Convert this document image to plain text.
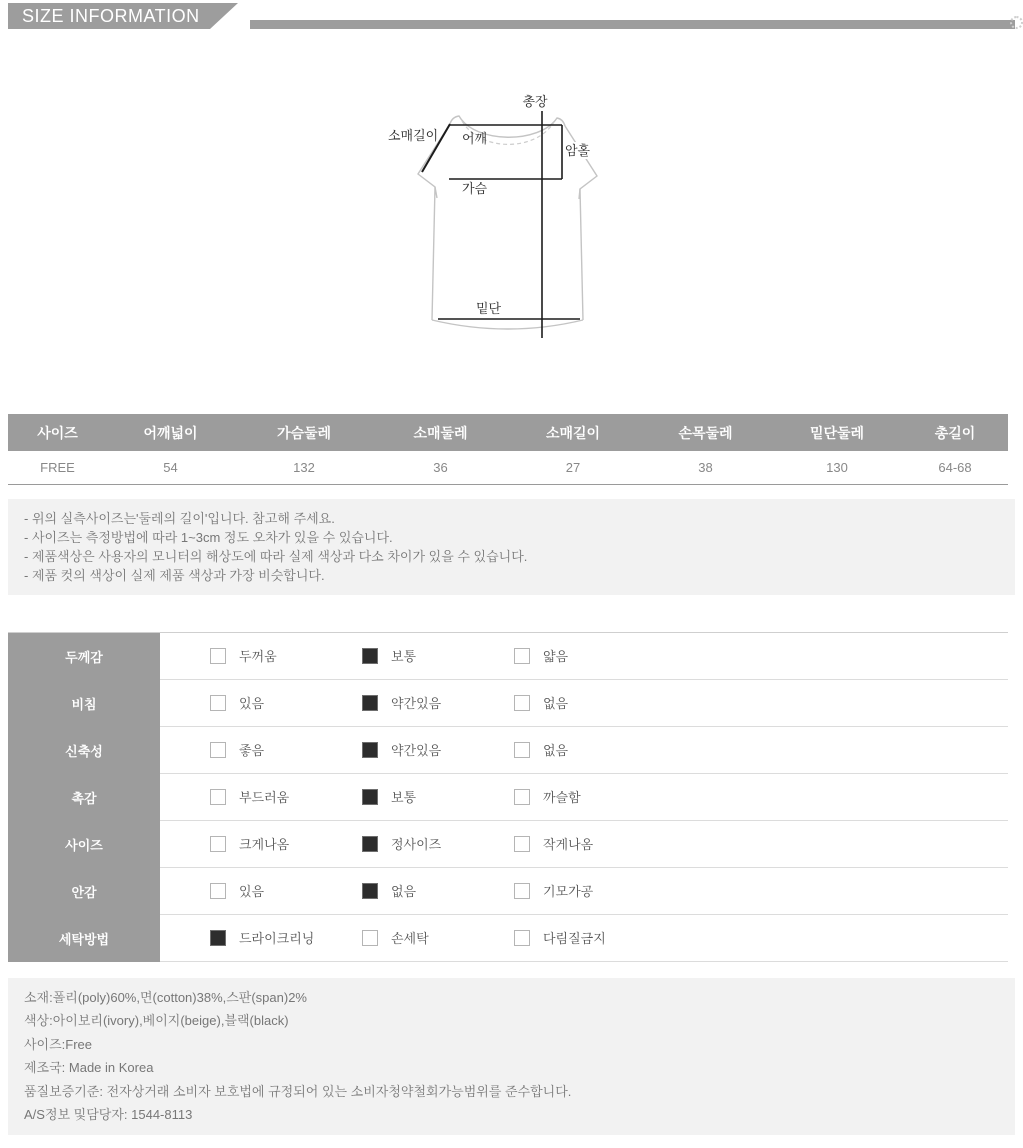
SIZE INFORMATION
총장
소매길이 어깨
암홀
가슴
밑단
사이즈	어깨넓이	가슴둘레	소매둘레	소매길이	손목둘레	밑단둘레	총길이
FREE	54	132	36	27	38	130	64-68

- 위의 실측사이즈는'둘레의 길이'입니다. 참고해 주세요.

- 사이즈는 측정방법에 따라 1~3cm 정도 오차가 있을 수 있습니다.

- 제품색상은 사용자의 모니터의 해상도에 따라 실제 색상과 다소 차이가 있을 수 있습니다.

- 제품 컷의 색상이 실제 제품 색상과 가장 비슷합니다.

두께감	두꺼움	보통	얇음
비침	있음	약간있음	없음
신축성	좋음	약간있음	없음
촉감	부드러움	보통	까슬함
사이즈	크게나옴	정사이즈	작게나옴
안감	있음	없음	기모가공
세탁방법	드라이크리닝	손세탁	다림질금지

소재:폴리(poly)60%,면(cotton)38%,스판(span)2%

색상:아이보리(ivory),베이지(beige),블랙(black)

사이즈:Free

제조국: Made in Korea

품질보증기준: 전자상거래 소비자 보호법에 규정되어 있는 소비자청약철회가능범위를 준수합니다.

A/S정보 및담당자: 1544-8113
